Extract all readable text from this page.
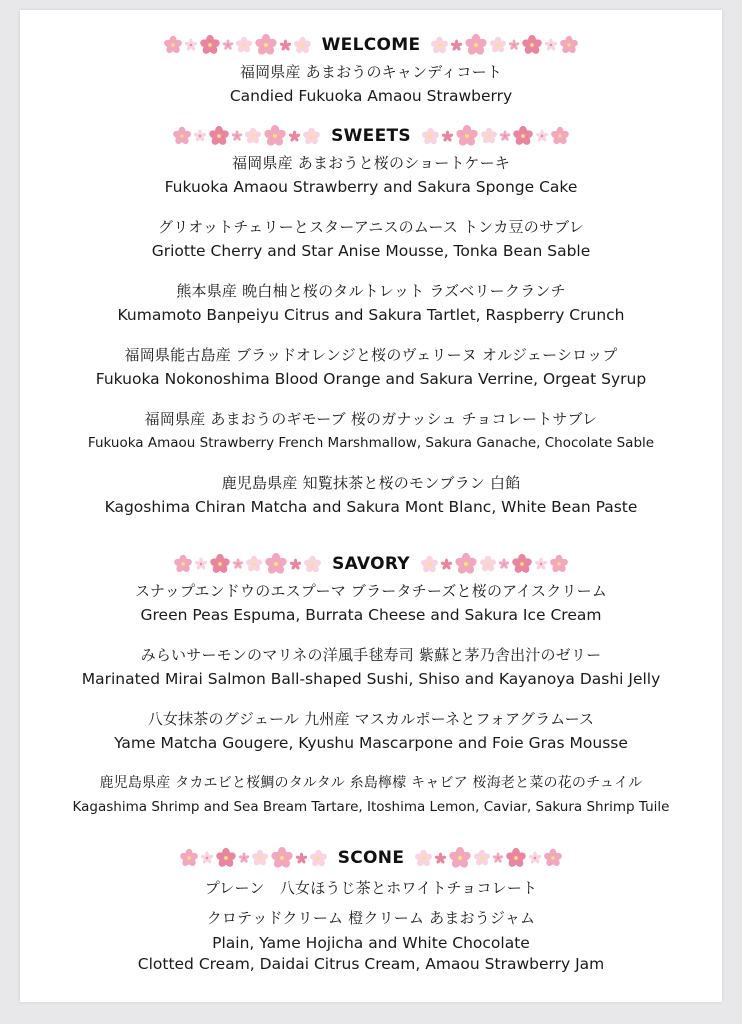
WELCOME
福岡県産 あまおうのキャンディコート
Candied Fukuoka Amaou Strawberry
SWEETS
福岡県産 あまおうと桜のショートケーキ
Fukuoka Amaou Strawberry and Sakura Sponge Cake
グリオットチェリーとスターアニスのムース トンカ豆のサブレ
Griotte Cherry and Star Anise Mousse, Tonka Bean Sable
熊本県産 晩白柚と桜のタルトレット ラズベリークランチ
Kumamoto Banpeiyu Citrus and Sakura Tartlet, Raspberry Crunch
福岡県能古島産 ブラッドオレンジと桜のヴェリーヌ オルジェーシロップ
Fukuoka Nokonoshima Blood Orange and Sakura Verrine, Orgeat Syrup
福岡県産 あまおうのギモーブ 桜のガナッシュ チョコレートサブレ
Fukuoka Amaou Strawberry French Marshmallow, Sakura Ganache, Chocolate Sable
鹿児島県産 知覧抹茶と桜のモンブラン 白餡
Kagoshima Chiran Matcha and Sakura Mont Blanc, White Bean Paste
SAVORY
スナップエンドウのエスプーマ ブラータチーズと桜のアイスクリーム
Green Peas Espuma, Burrata Cheese and Sakura Ice Cream
みらいサーモンのマリネの洋風手毬寿司 紫蘇と茅乃舎出汁のゼリー
Marinated Mirai Salmon Ball-shaped Sushi, Shiso and Kayanoya Dashi Jelly
八女抹茶のグジェール 九州産 マスカルポーネとフォアグラムース
Yame Matcha Gougere, Kyushu Mascarpone and Foie Gras Mousse
鹿児島県産 タカエビと桜鯛のタルタル 糸島檸檬 キャビア 桜海老と菜の花のチュイル
Kagashima Shrimp and Sea Bream Tartare, Itoshima Lemon, Caviar, Sakura Shrimp Tuile
SCONE
プレーン　八女ほうじ茶とホワイトチョコレート
クロテッドクリーム 橙クリーム あまおうジャム
Plain, Yame Hojicha and White Chocolate
Clotted Cream, Daidai Citrus Cream, Amaou Strawberry Jam
